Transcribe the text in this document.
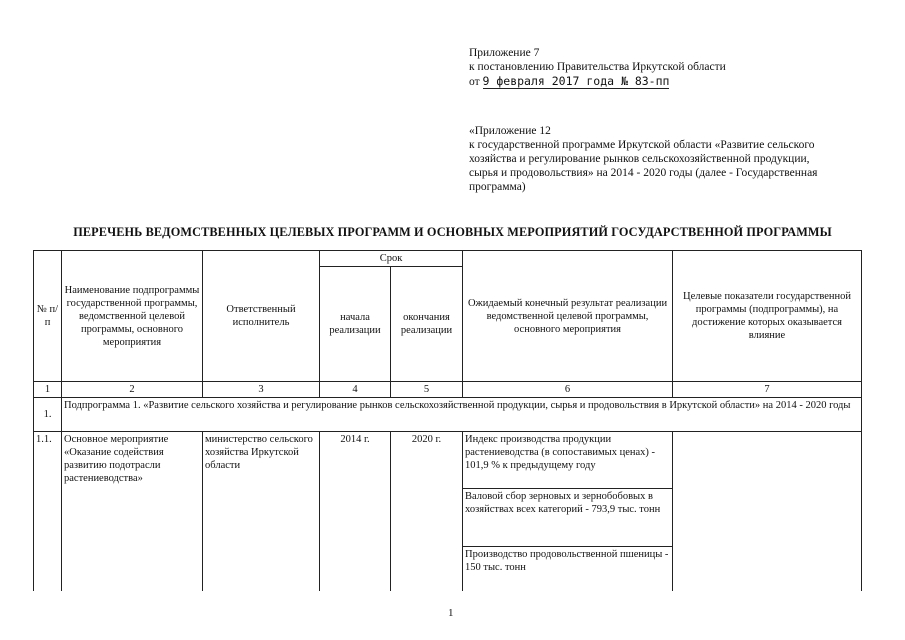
Приложение 7
к постановлению Правительства Иркутской области
от 9 февраля 2017 года № 83-пп
«Приложение 12
к государственной программе Иркутской области «Развитие сельского
хозяйства и регулирование рынков сельскохозяйственной продукции,
сырья и продовольствия» на 2014 - 2020 годы (далее - Государственная
программа)
ПЕРЕЧЕНЬ ВЕДОМСТВЕННЫХ ЦЕЛЕВЫХ ПРОГРАММ И ОСНОВНЫХ МЕРОПРИЯТИЙ ГОСУДАРСТВЕННОЙ ПРОГРАММЫ
№ п/п	Наименование подпрограммы государственной программы, ведомственной целевой программы, основного мероприятия	Ответственный исполнитель	Срок		Ожидаемый конечный результат реализации ведомственной целевой программы, основного мероприятия	Целевые показатели государственной программы (подпрограммы), на достижение которых оказывается влияние
			начала реализации	окончания реализации		
1	2	3	4	5	6	7
1.	Подпрограмма 1. «Развитие сельского хозяйства и регулирование рынков сельскохозяйственной продукции, сырья и продовольствия в Иркутской области» на 2014 - 2020 годы					
1.1.	Основное мероприятие «Оказание содействия развитию подотрасли растениеводства»	министерство сельского хозяйства Иркутской области	2014 г.	2020 г.	Индекс производства продукции растениеводства (в сопоставимых ценах) - 101,9 % к предыдущему году
Валовой сбор зерновых и зернобобовых в хозяйствах всех категорий - 793,9 тыс. тонн
Производство продовольственной пшеницы - 150 тыс. тонн	

1
